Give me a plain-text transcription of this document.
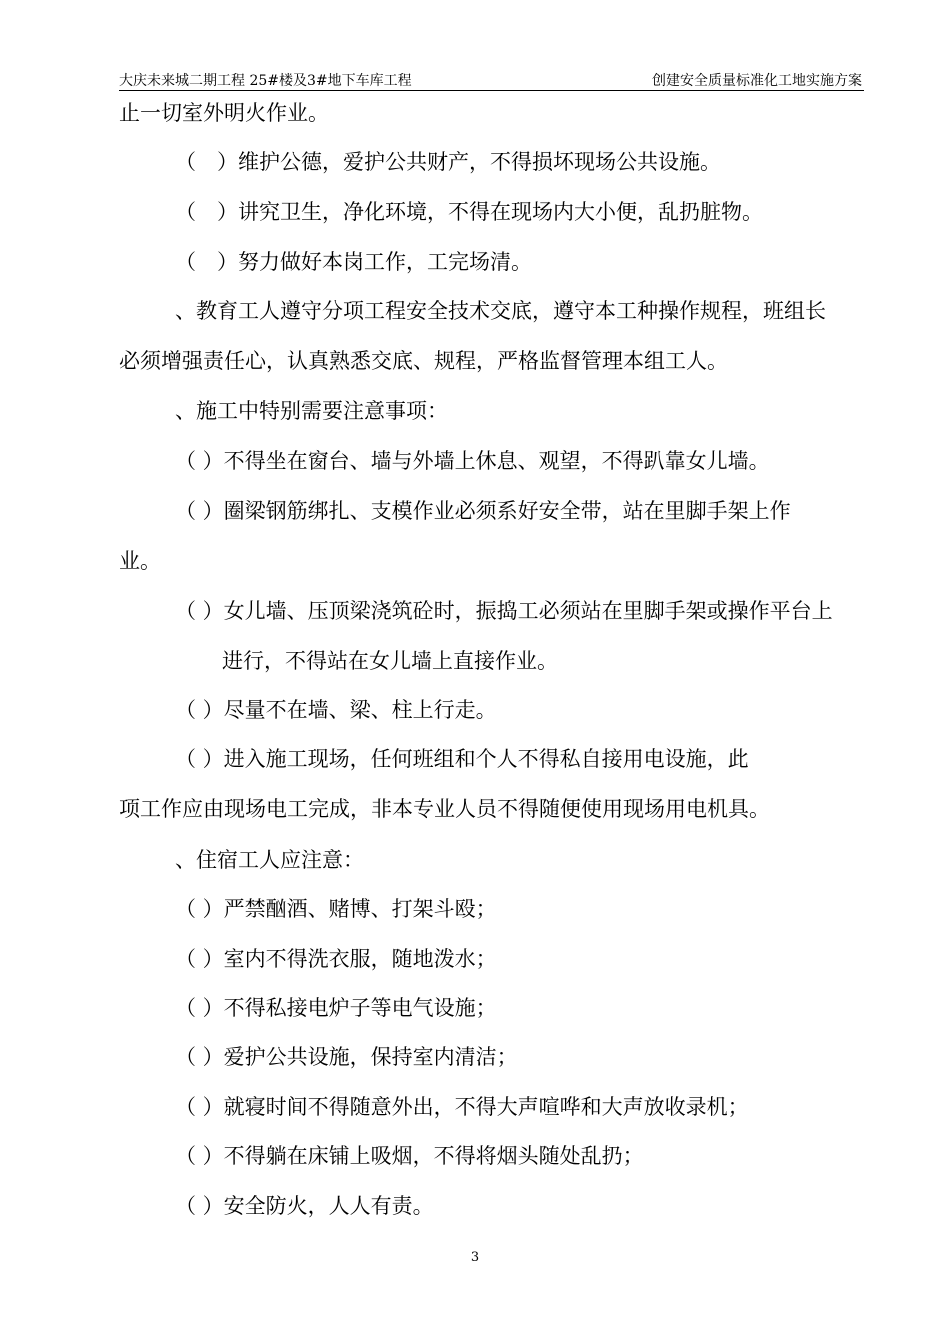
大庆未来城二期工程 25#楼及3#地下车库工程	创建安全质量标准化工地实施方案
止一切室外明火作业。
（　）维护公德，爱护公共财产，不得损坏现场公共设施。
（　）讲究卫生，净化环境，不得在现场内大小便，乱扔脏物。
（　）努力做好本岗工作，工完场清。
、教育工人遵守分项工程安全技术交底，遵守本工种操作规程，班组长
必须增强责任心，认真熟悉交底、规程，严格监督管理本组工人。
、施工中特别需要注意事项：
（ ）不得坐在窗台、墙与外墙上休息、观望，不得趴靠女儿墙。
（ ）圈梁钢筋绑扎、支模作业必须系好安全带，站在里脚手架上作
业。
（ ）女儿墙、压顶梁浇筑砼时，振捣工必须站在里脚手架或操作平台上
进行，不得站在女儿墙上直接作业。
（ ）尽量不在墙、梁、柱上行走。
（ ）进入施工现场，任何班组和个人不得私自接用电设施，此
项工作应由现场电工完成，非本专业人员不得随便使用现场用电机具。
、住宿工人应注意：
（ ）严禁酗酒、赌博、打架斗殴；
（ ）室内不得洗衣服，随地泼水；
（ ）不得私接电炉子等电气设施；
（ ）爱护公共设施，保持室内清洁；
（ ）就寝时间不得随意外出，不得大声喧哗和大声放收录机；
（ ）不得躺在床铺上吸烟，不得将烟头随处乱扔；
（ ）安全防火，人人有责。
3
